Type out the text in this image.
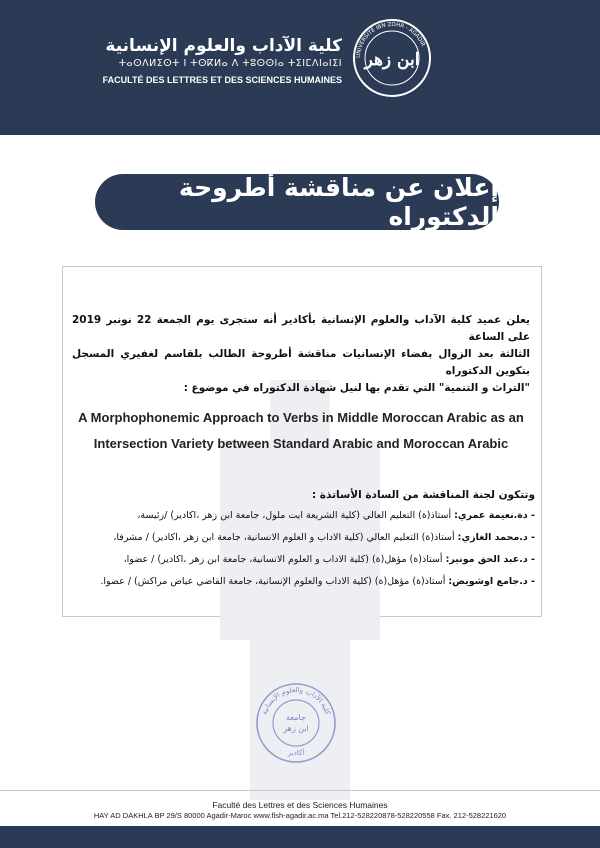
كلية الآداب والعلوم الإنسانية
ⵜⴰⵙⴷⵍⵉⵙⵜ ⵏ ⵜⵙⴽⵍⴰ ⴷ ⵜⵓⵙⵙⵏⴰ ⵜⵉⵏⵎⴷⵏⴰⵏⵉⵏ
FACULTÉ DES LETTRES ET DES SCIENCES HUMAINES
UNIVERSITÉ IBN ZOHR - AGADIR
ابن زهر
إعلان عن مناقشة أطروحة الدكتوراه
يعلن عميد كلية الآداب والعلوم الإنسانية بأكادير أنه ستجرى يوم الجمعة 22 نونبر 2019 على الساعة
الثالثة بعد الزوال بفضاء الإنسانيات مناقشة أطروحة الطالب بلقاسم لغفيري المسجل بتكوين الدكتوراه
"التراث و التنمية" التي تقدم بها لنيل شهادة الدكتوراه في موضوع :
A Morphophonemic Approach to Verbs in Middle Moroccan Arabic as an
Intersection Variety between Standard Arabic and Moroccan Arabic
وتتكون لجنة المناقشة من السادة الأساتذة :
- دة.نعيمة عمري: أستاذ(ة) التعليم العالي (كلية الشريعة ايت ملول، جامعة ابن زهر ،اكادير) /رئيسة،
- د.محمد الغازي: أستاذ(ة) التعليم العالي (كلية الاداب و العلوم الانسانية، جامعة ابن زهر ،اكادير) / مشرفا،
- د.عبد الحق مونير: أستاذ(ة) مؤهل(ة) (كلية الاداب و العلوم الانسانية، جامعة ابن زهر ،اكادير) / عضوا،
- د.جامع اوشويض: أستاذ(ة) مؤهل(ة) (كلية الاداب والعلوم الإنسانية، جامعة القاضي عياض مراكش) / عضوا.
كلية الآداب والعلوم الإنسانية
جامعة
ابن زهر
أكادير
Faculté des Lettres et des Sciences Humaines
HAY AD DAKHLA BP 29/S 80000 Agadir-Maroc www.flsh-agadir.ac.ma Tel.212-528220878-528220558 Fax. 212-528221620
